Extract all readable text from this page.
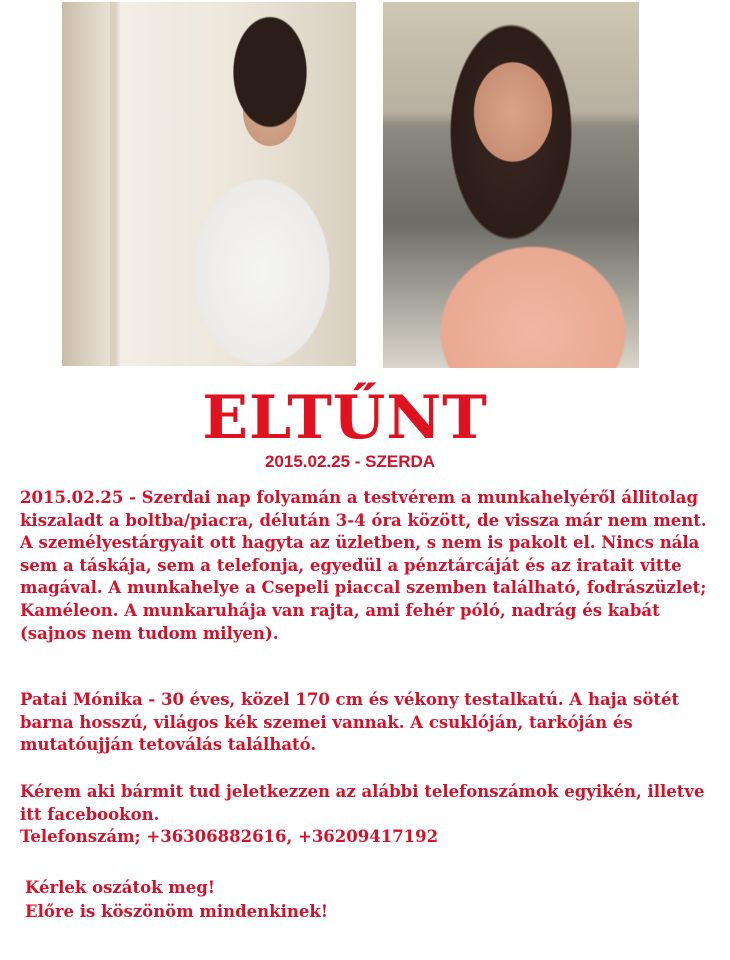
ELTŰNT
2015.02.25 - SZERDA

2015.02.25 - Szerdai nap folyamán a testvérem a munkahelyéről állitolag kiszaladt a boltba/piacra, délután 3-4 óra között, de vissza már nem ment. A személyestárgyait ott hagyta az üzletben, s nem is pakolt el. Nincs nála sem a táskája, sem a telefonja, egyedül a pénztárcáját és az iratait vitte magával. A munkahelye a Csepeli piaccal szemben található, fodrászüzlet; Kaméleon. A munkaruhája van rajta, ami fehér póló, nadrág és kabát (sajnos nem tudom milyen).

Patai Mónika - 30 éves, közel 170 cm és vékony testalkatú. A haja sötét barna hosszú, világos kék szemei vannak. A csuklóján, tarkóján és mutatóujján tetoválás található.

Kérem aki bármit tud jeletkezzen az alábbi telefonszámok egyikén, illetve itt facebookon.

Telefonszám; +36306882616, +36209417192

Kérlek oszátok meg!
Előre is köszönöm mindenkinek!
